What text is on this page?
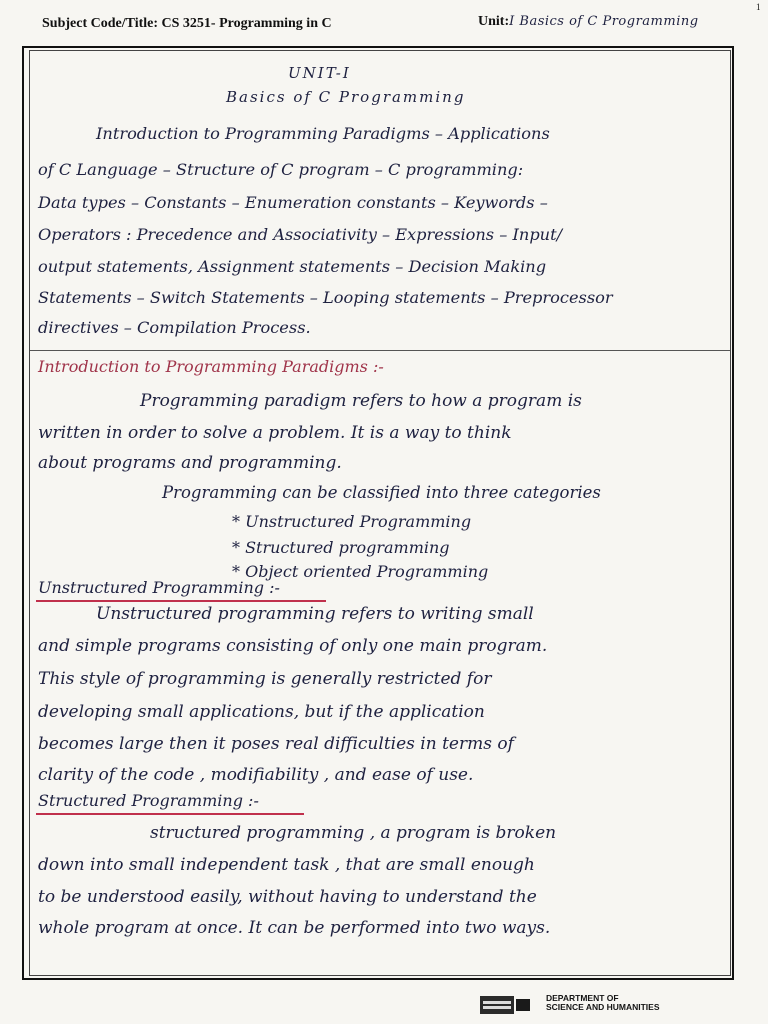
Subject Code/Title: CS 3251- Programming in C	Unit:I Basics of C Programming
1
UNIT-I
Basics of C Programming
Introduction to Programming Paradigms – Applications
of C Language – Structure of C program – C programming:
Data types – Constants – Enumeration constants – Keywords –
Operators : Precedence and Associativity – Expressions – Input/
output statements, Assignment statements – Decision Making
Statements – Switch Statements – Looping statements – Preprocessor
directives – Compilation Process.
Introduction to Programming Paradigms :-
Programming paradigm refers to how a program is
written in order to solve a problem. It is a way to think
about programs and programming.
Programming can be classified into three categories
* Unstructured Programming
* Structured programming
* Object oriented Programming
Unstructured Programming :-
Unstructured programming refers to writing small
and simple programs consisting of only one main program.
This style of programming is generally restricted for
developing small applications, but if the application
becomes large then it poses real difficulties in terms of
clarity of the code , modifiability , and ease of use.
Structured Programming :-
structured programming , a program is broken
down into small independent task , that are small enough
to be understood easily, without having to understand the
whole program at once. It can be performed into two ways.
DEPARTMENT OF
SCIENCE AND HUMANITIES
